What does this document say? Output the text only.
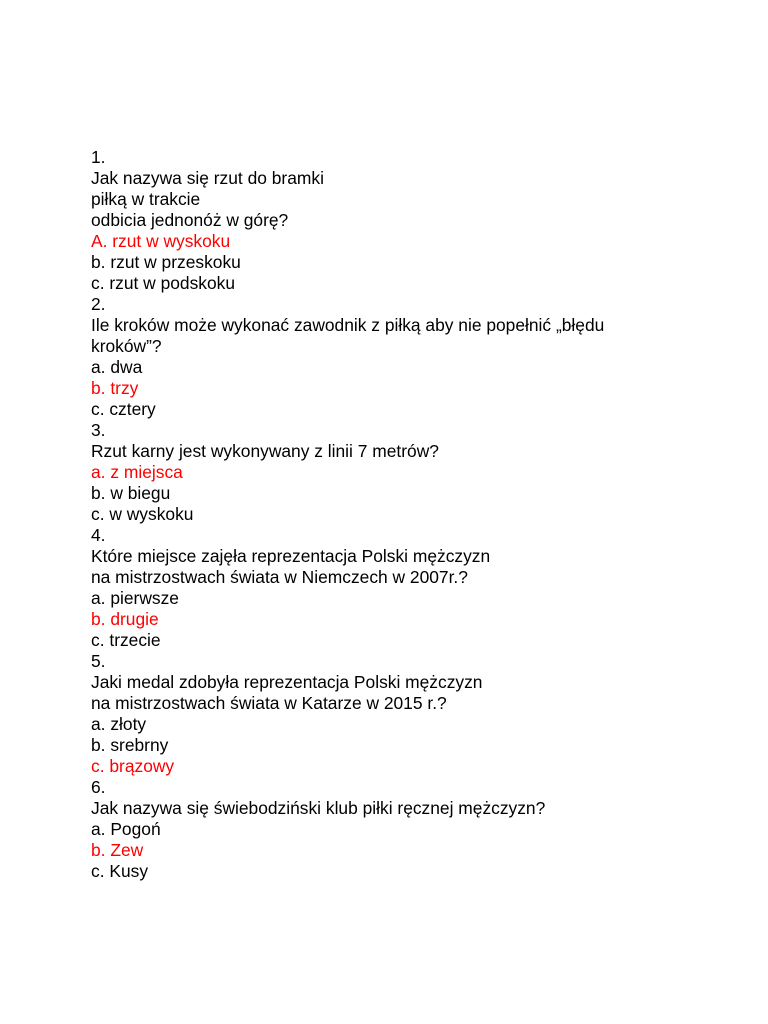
1.

Jak nazywa się rzut do bramki

piłką w trakcie

odbicia jednonóż w górę?

A. rzut w wyskoku

b. rzut w przeskoku

c. rzut w podskoku

2.

Ile kroków może wykonać zawodnik z piłką aby nie popełnić „błędu

kroków”?

a. dwa

b. trzy

c. cztery

3.

Rzut karny jest wykonywany z linii 7 metrów?

a. z miejsca

b. w biegu

c. w wyskoku

4.

Które miejsce zajęła reprezentacja Polski mężczyzn

na mistrzostwach świata w Niemczech w 2007r.?

a. pierwsze

b. drugie

c. trzecie

5.

Jaki medal zdobyła reprezentacja Polski mężczyzn

na mistrzostwach świata w Katarze w 2015 r.?

a. złoty

b. srebrny

c. brązowy

6.

Jak nazywa się świebodziński klub piłki ręcznej mężczyzn?

a. Pogoń

b. Zew

c. Kusy
